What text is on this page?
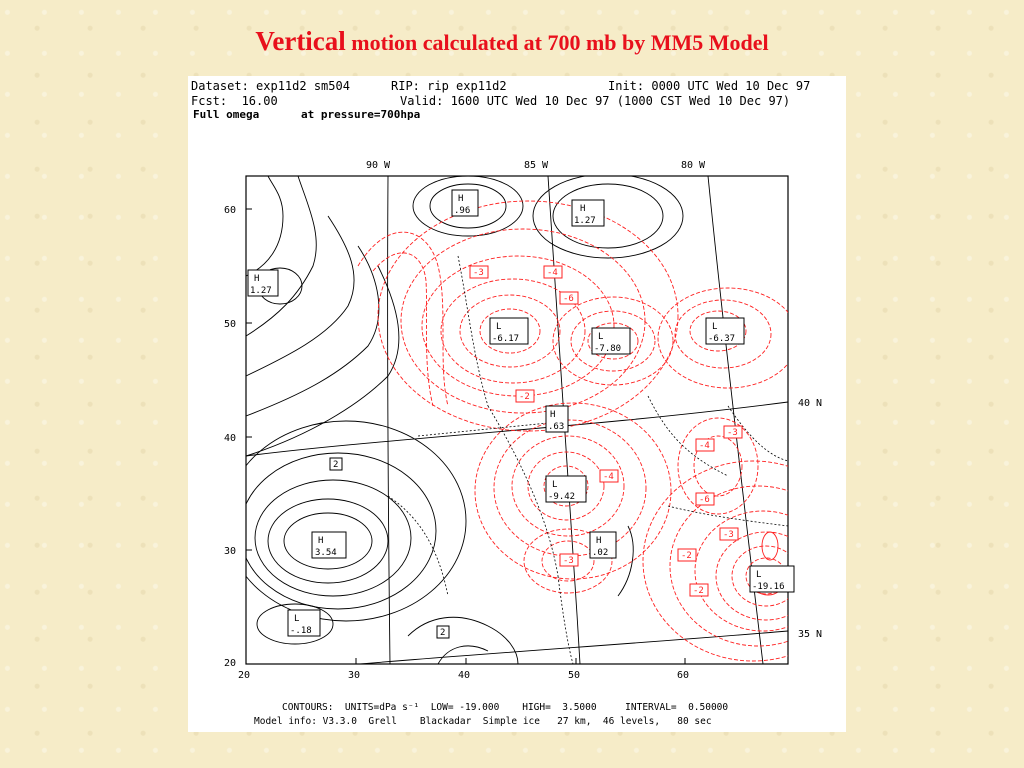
Vertical motion calculated at 700 mb by MM5 Model
Dataset: exp11d2 sm504	RIP: rip exp11d2	Init: 0000 UTC Wed 10 Dec 97
Fcst:  16.00	Valid: 1600 UTC Wed 10 Dec 97 (1000 CST Wed 10 Dec 97)
Full omega	at pressure=700hpa
90 W	85 W	80 W
40 N
35 N
60
50
40
30
20
20	30	40	50	60
H
.96	H
1.27
H
1.27
L
-6.17	L
-7.80
L
-6.37
H
.63
L
-9.42
H
3.54
H
.02
L
-19.16
L
-.18
-3	-4
-6
-2
-4
-3
-4
-6
-3	-2
-2
-3
2
2
CONTOURS:  UNITS=dPa s⁻¹  LOW= -19.000    HIGH=  3.5000     INTERVAL=  0.50000
Model info: V3.3.0  Grell    Blackadar  Simple ice   27 km,  46 levels,   80 sec
